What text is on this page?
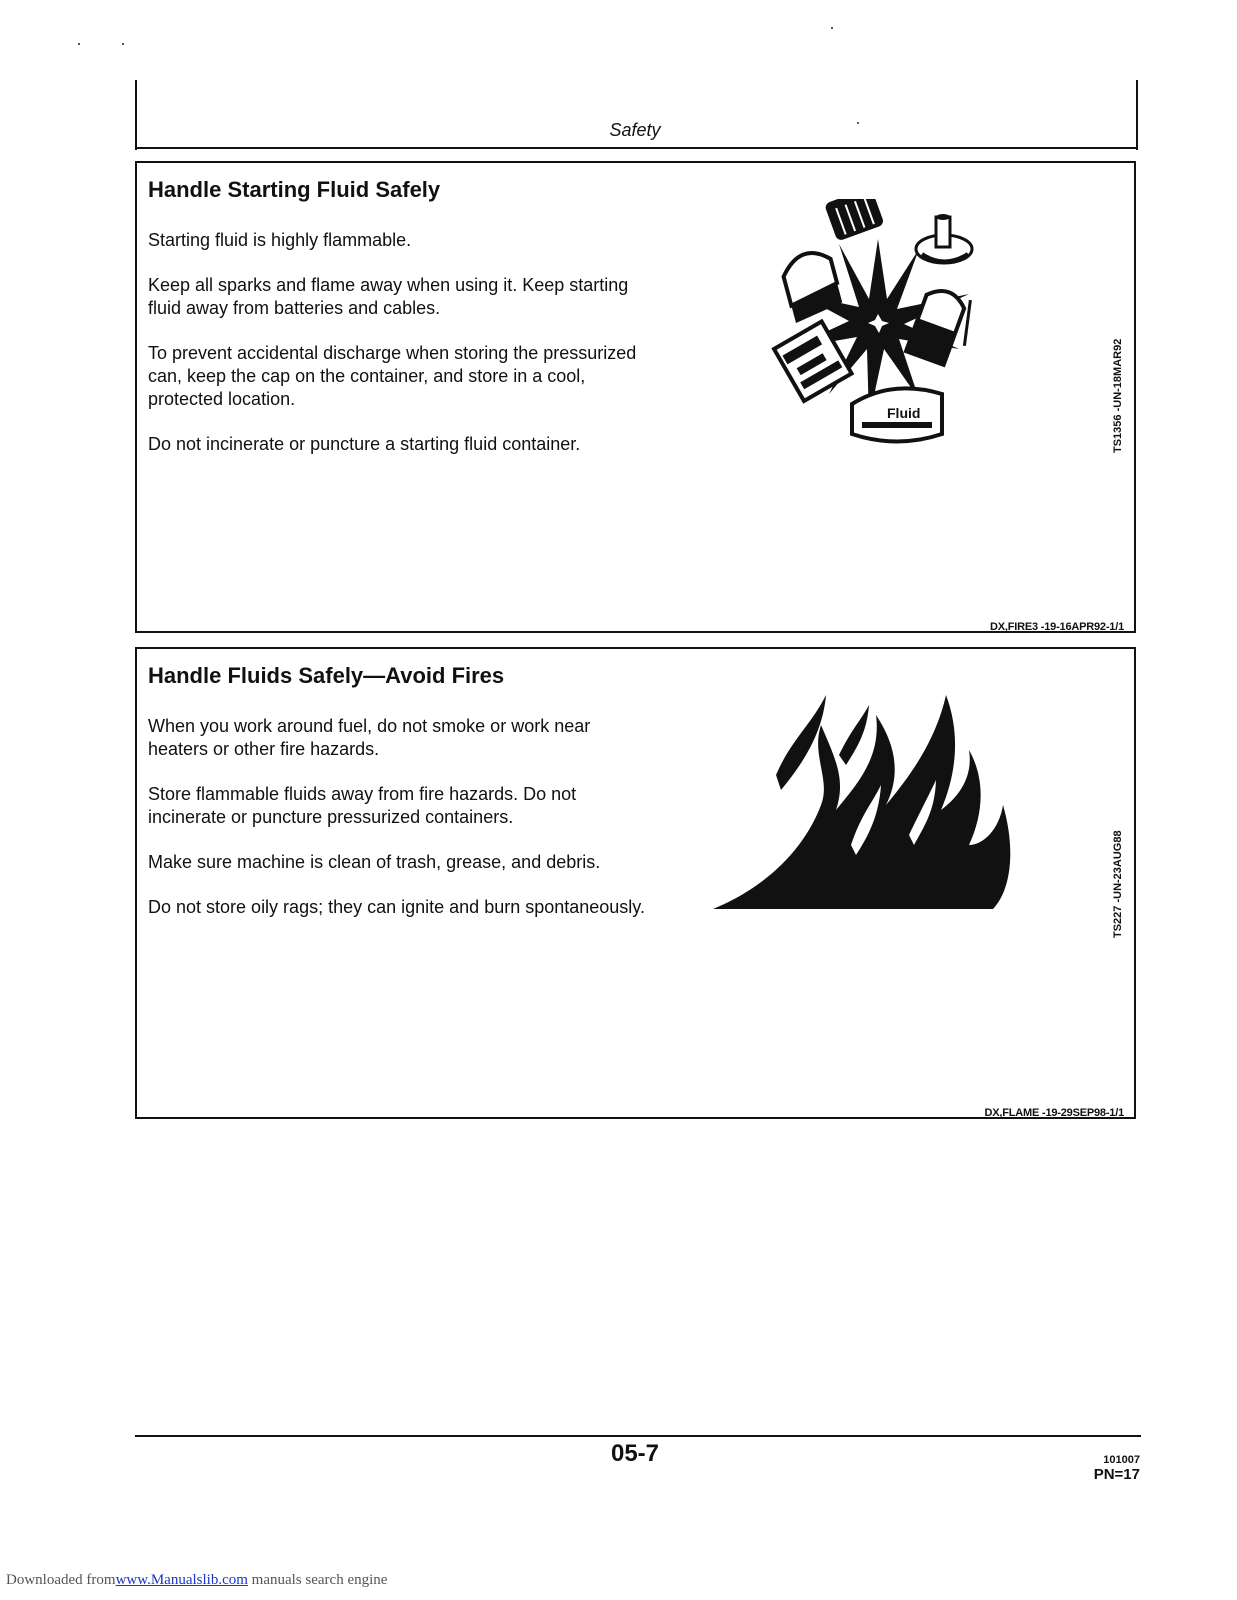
Safety
Handle Starting Fluid Safely

Starting fluid is highly flammable.

Keep all sparks and flame away when using it. Keep starting fluid away from batteries and cables.

To prevent accidental discharge when storing the pressurized can, keep the cap on the container, and store in a cool, protected location.

Do not incinerate or puncture a starting fluid container.

Fluid	TS1356 -UN-18MAR92
DX,FIRE3 -19-16APR92-1/1
Handle Fluids Safely—Avoid Fires

When you work around fuel, do not smoke or work near heaters or other fire hazards.

Store flammable fluids away from fire hazards. Do not incinerate or puncture pressurized containers.

Make sure machine is clean of trash, grease, and debris.

Do not store oily rags; they can ignite and burn spontaneously.	TS227 -UN-23AUG88
DX,FLAME -19-29SEP98-1/1
05-7	101007
PN=17
Downloaded fromwww.Manualslib.com manuals search engine
